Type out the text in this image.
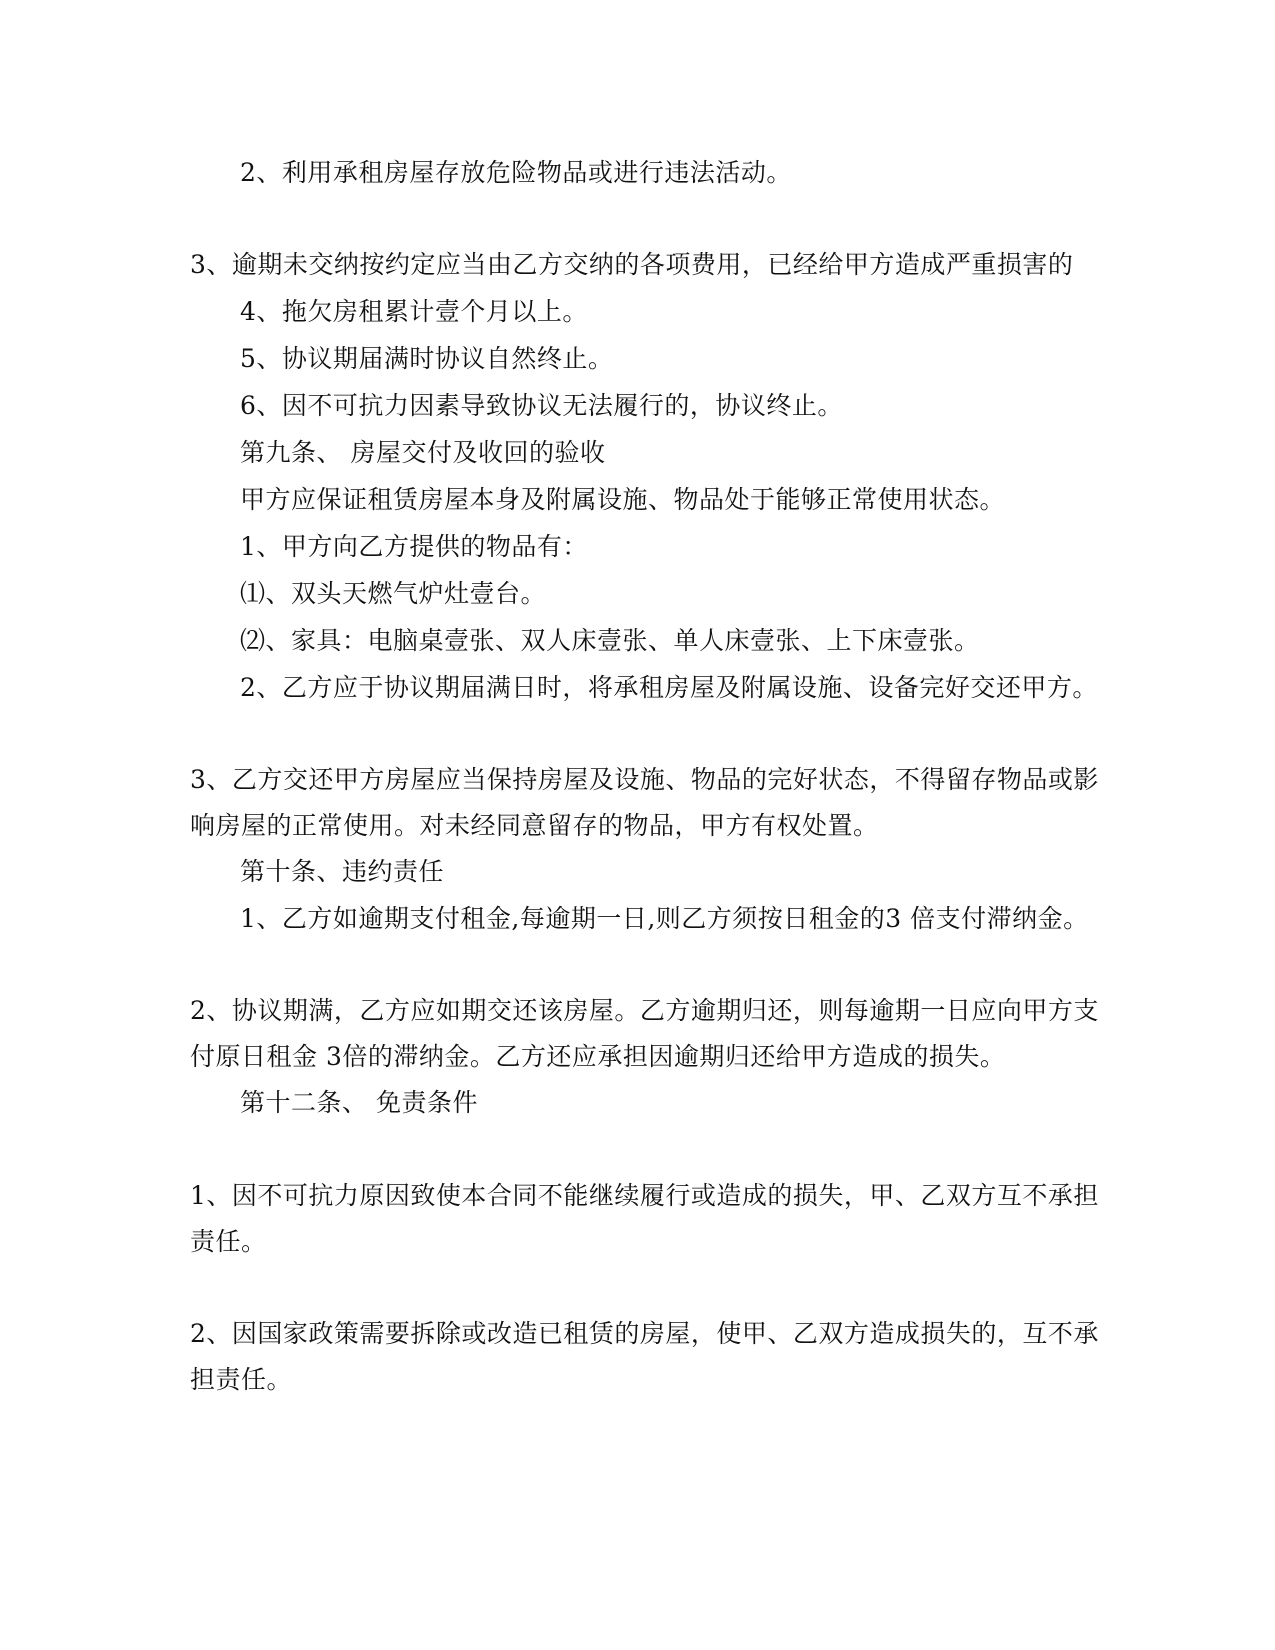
2、利用承租房屋存放危险物品或进行违法活动。
3、逾期未交纳按约定应当由乙方交纳的各项费用，已经给甲方造成严重损害的
4、拖欠房租累计壹个月以上。
5、协议期届满时协议自然终止。
6、因不可抗力因素导致协议无法履行的，协议终止。
第九条、 房屋交付及收回的验收
甲方应保证租赁房屋本身及附属设施、物品处于能够正常使用状态。
1、甲方向乙方提供的物品有：
⑴、双头天燃气炉灶壹台。
⑵、家具：电脑桌壹张、双人床壹张、单人床壹张、上下床壹张。
2、乙方应于协议期届满日时，将承租房屋及附属设施、设备完好交还甲方。
3、乙方交还甲方房屋应当保持房屋及设施、物品的完好状态，不得留存物品或影
响房屋的正常使用。对未经同意留存的物品，甲方有权处置。
第十条、违约责任
1、乙方如逾期支付租金,每逾期一日,则乙方须按日租金的3 倍支付滞纳金。
2、协议期满，乙方应如期交还该房屋。乙方逾期归还，则每逾期一日应向甲方支
付原日租金 3倍的滞纳金。乙方还应承担因逾期归还给甲方造成的损失。
第十二条、 免责条件
1、因不可抗力原因致使本合同不能继续履行或造成的损失，甲、乙双方互不承担
责任。
2、因国家政策需要拆除或改造已租赁的房屋，使甲、乙双方造成损失的，互不承
担责任。
